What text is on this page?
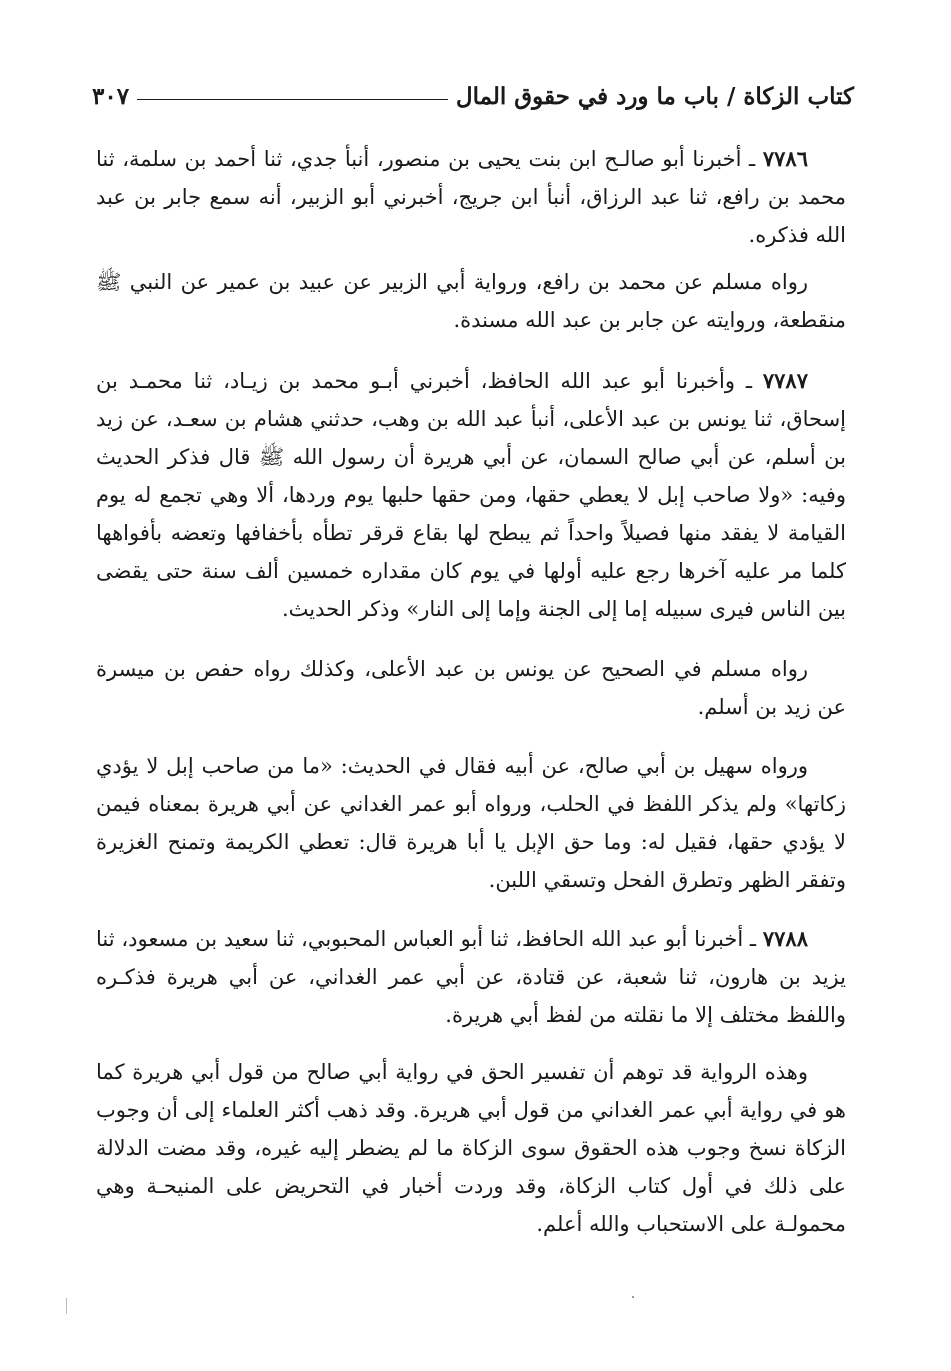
كتاب الزكاة / باب ما ورد في حقوق المال
٣٠٧

٧٧٨٦ ـ أخبرنا أبو صالـح ابن بنت يحيى بن منصور، أنبأ جدي، ثنا أحمد بن سلمة، ثنا محمد بن رافع، ثنا عبد الرزاق، أنبأ ابن جريج، أخبرني أبو الزبير، أنه سمع جابر بن عبد الله فذكره.

رواه مسلم عن محمد بن رافع، ورواية أبي الزبير عن عبيد بن عمير عن النبي ﷺ منقطعة، وروايته عن جابر بن عبد الله مسندة.

٧٧٨٧ ـ وأخبرنا أبو عبد الله الحافظ، أخبرني أبـو محمد بن زيـاد، ثنا محمـد بن إسحاق، ثنا يونس بن عبد الأعلى، أنبأ عبد الله بن وهب، حدثني هشام بن سعـد، عن زيد بن أسلم، عن أبي صالح السمان، عن أبي هريرة أن رسول الله ﷺ قال فذكر الحديث وفيه: «ولا صاحب إبل لا يعطي حقها، ومن حقها حلبها يوم وردها، ألا وهي تجمع له يوم القيامة لا يفقد منها فصيلاً واحداً ثم يبطح لها بقاع قرقر تطأه بأخفافها وتعضه بأفواهها كلما مر عليه آخرها رجع عليه أولها في يوم كان مقداره خمسين ألف سنة حتى يقضى بين الناس فيرى سبيله إما إلى الجنة وإما إلى النار» وذكر الحديث.

رواه مسلم في الصحيح عن يونس بن عبد الأعلى، وكذلك رواه حفص بن ميسرة عن زيد بن أسلم.

ورواه سهيل بن أبي صالح، عن أبيه فقال في الحديث: «ما من صاحب إبل لا يؤدي زكاتها» ولم يذكر اللفظ في الحلب، ورواه أبو عمر الغداني عن أبي هريرة بمعناه فيمن لا يؤدي حقها، فقيل له: وما حق الإبل يا أبا هريرة قال: تعطي الكريمة وتمنح الغزيرة وتفقر الظهر وتطرق الفحل وتسقي اللبن.

٧٧٨٨ ـ أخبرنا أبو عبد الله الحافظ، ثنا أبو العباس المحبوبي، ثنا سعيد بن مسعود، ثنا يزيد بن هارون، ثنا شعبة، عن قتادة، عن أبي عمر الغداني، عن أبي هريرة فذكـره واللفظ مختلف إلا ما نقلته من لفظ أبي هريرة.

وهذه الرواية قد توهم أن تفسير الحق في رواية أبي صالح من قول أبي هريرة كما هو في رواية أبي عمر الغداني من قول أبي هريرة. وقد ذهب أكثر العلماء إلى أن وجوب الزكاة نسخ وجوب هذه الحقوق سوى الزكاة ما لم يضطر إليه غيره، وقد مضت الدلالة على ذلك في أول كتاب الزكاة، وقد وردت أخبار في التحريض على المنيحـة وهي محمولـة على الاستحباب والله أعلم.
